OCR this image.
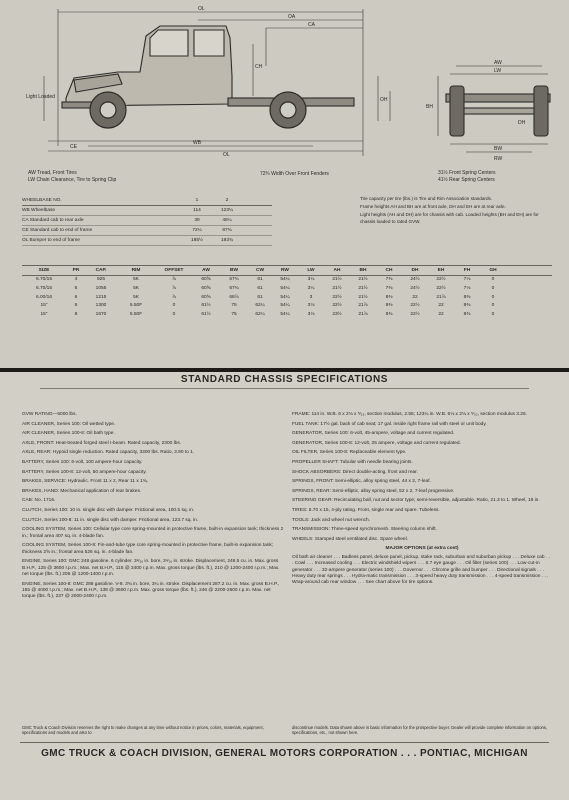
OL
OA
CA
CH
OH
Light Loaded
WB
OL
CE
AW
LW
BW
BH
DH
RW
AW Tread, Front Tires
LW Chain Clearance, Tire to Spring Clip
72¾ Width Over Front Fenders	31½ Front Spring Centers
41½ Rear Spring Centers
WHEELBASE NO.	1	2
WB Wheelbase	114	123¼
CA Standard cab to rear axle	39	48¼
CE Standard cab to end of frame	72¼	87¾
OL Bumper to end of frame	185½	193¾

Tire capacity per tire (lbs.) is Tire and Rim Association standards.

Frame heights AH and BH are at front axle, DH and EH are at rear axle.

Light heights (AH and DH) are for chassis with cab. Loaded heights (BH and EH) are for chassis loaded to rated GVW.

SIZE	PR	CAP.	RIM	OFFSET	AW	BW	CW	RW	LW	AH	BH	CH	DH	EH	FH	GH
6.70/15	4	925	5K	⅞	60⅝	67¾	61	54¼	3¼	21½	21½	7⅜	24½	22½	7⅛	0
6.70/15	6	1055	5K	⅞	60⅝	67¾	61	54¼	3¼	21½	21½	7⅜	24½	22½	7⅛	0
6.00/16	6	1215	5K	⅞	60⅝	68⅞	61	54¼	3	22½	21½	8⅜	22	21⅞	8⅜	0
15"	6	1300	5.50F	0	61½	75	62¼	54¼	3⅛	22½	21⅞	8⅜	22½	22	8⅜	0
15"	8	1670	5.50F	0	61½	75	62¼	54¼	3⅛	23½	21⅞	8⅜	22½	22	8⅜	0
STANDARD CHASSIS SPECIFICATIONS

GVW RATING—5000 lbs.

AIR CLEANER, Series 100: Oil wetted type.

AIR CLEANER, Series 100-8: Oil bath type.

AXLE, FRONT: Heat-treated forged steel I-beam. Rated capacity, 2300 lbs.

AXLE, REAR: Hypoid single reduction. Rated capacity, 3300 lbs. Ratio, 3.90 to 1.

BATTERY, Series 100: 6-volt, 100 ampere-hour capacity.

BATTERY, Series 100-8: 12-volt, 50 ampere-hour capacity.

BRAKES, SERVICE: Hydraulic. Front 11 x 2, Rear 11 x 1¾.

BRAKES, HAND: Mechanical application of rear brakes.

CAB: No. 1716.

CLUTCH, Series 100: 10 in. single disc with damper. Frictional area, 100.5 sq. in.

CLUTCH, Series 100-8: 11 in. single disc with damper. Frictional area, 123.7 sq. in.

COOLING SYSTEM, Series 100: Cellular type core spring-mounted in protective frame, built-in expansion tank; thickness 2 in.; frontal area 407 sq. in. 4-blade fan.

COOLING SYSTEM, Series 100-8: Fin-and-tube type core spring-mounted in protective frame, built-in expansion tank; thickness 2⅝ in.; frontal area 526 sq. in. 4-blade fan.

ENGINE, Series 100: GMC 248 gasoline. 6 cylinder. 3⁹⁄₁₆ in. bore, 3⁹⁄₁₆ in. stroke. Displacement, 248.5 cu. in. Max. gross B.H.P., 125 @ 3600 r.p.m.; Max. net B.H.P., 115 @ 3400 r.p.m. Max. gross torque (lbs. ft.), 210 @ 1200-2400 r.p.m.; Max. net torque (lbs. ft.) 206 @ 1200-1400 r.p.m.

ENGINE, Series 100-8: GMC 288 gasoline. V-8. 3¾ in. bore, 3¼ in. stroke. Displacement 287.2 cu. in. Max. gross B.H.P., 155 @ 4000 r.p.m.; Max. net B.H.P., 138 @ 3600 r.p.m. Max. gross torque (lbs. ft.), 246 @ 2200-2600 r.p.m. Max. net torque (lbs. ft.), 237 @ 2000-2400 r.p.m.

FRAME: 114 in. W.B. 6 x 2⅛ x ⁵⁄₃₂, section modulus, 2.55; 123¼ in. W.B. 6⅛ x 2⅛ x ⁵⁄₃₂, section modulus 3.26.

FUEL TANK: 17½ gal. back of cab seat; 17 gal. inside right frame rail with steel or unit body.

GENERATOR, Series 100: 6-volt, 45-ampere, voltage and current regulated.

GENERATOR, Series 100-8: 12-volt, 25 ampere, voltage and current regulated.

OIL FILTER, Series 100-8: Replaceable element type.

PROPELLER SHAFT: Tubular with needle bearing joints.

SHOCK ABSORBERS: Direct double-acting, front and rear.

SPRINGS, FRONT: Semi-elliptic, alloy spring steel, 44 x 2, 7-leaf.

SPRINGS, REAR: Semi-elliptic, alloy spring steel, 52 x 2, 7-leaf progressive.

STEERING GEAR: Recirculating ball, nut and sector type; semi-reversible, adjustable. Ratio, 21.3 to 1. Wheel, 18 in.

TIRES: 6.70 x 15, 4-ply rating. Front, single rear and spare. Tubeless.

TOOLS: Jack and wheel nut wrench.

TRANSMISSION: Three-speed synchromesh. Steering column shift.

WHEELS: Stamped steel ventilated disc. Spare wheel.

MAJOR OPTIONS (at extra cost)

Oil bath air cleaner . . . Badless panel, deluxe panel, pickup, stake rack, suburban and suburban pickup . . . Deluxe cab . . . Cowl . . . Increased cooling . . . Electric windshield wipers . . . 6.7 eye gauge . . . Oil filter (series 100) . . . Low-cut-in generator . . . 32-ampere generator (series 100) . . . Governor . . . Chrome grille and bumper . . . Directional signals . . . Heavy duty rear springs . . . Hydra-matic transmission . . . 3-speed heavy duty transmission . . . 4-speed transmission . . . Wrap-around cab rear window . . . See chart above for tire options.

GMC Truck & Coach Division reserves the right to make changes at any time without notice in prices, colors, materials, equipment, specifications and models and also to
discontinue models. Data shown above is basic information for the prospective buyer. Dealer will provide complete information on options, specifications, etc., not shown here.
GMC TRUCK & COACH DIVISION, GENERAL MOTORS CORPORATION . . . PONTIAC, MICHIGAN
